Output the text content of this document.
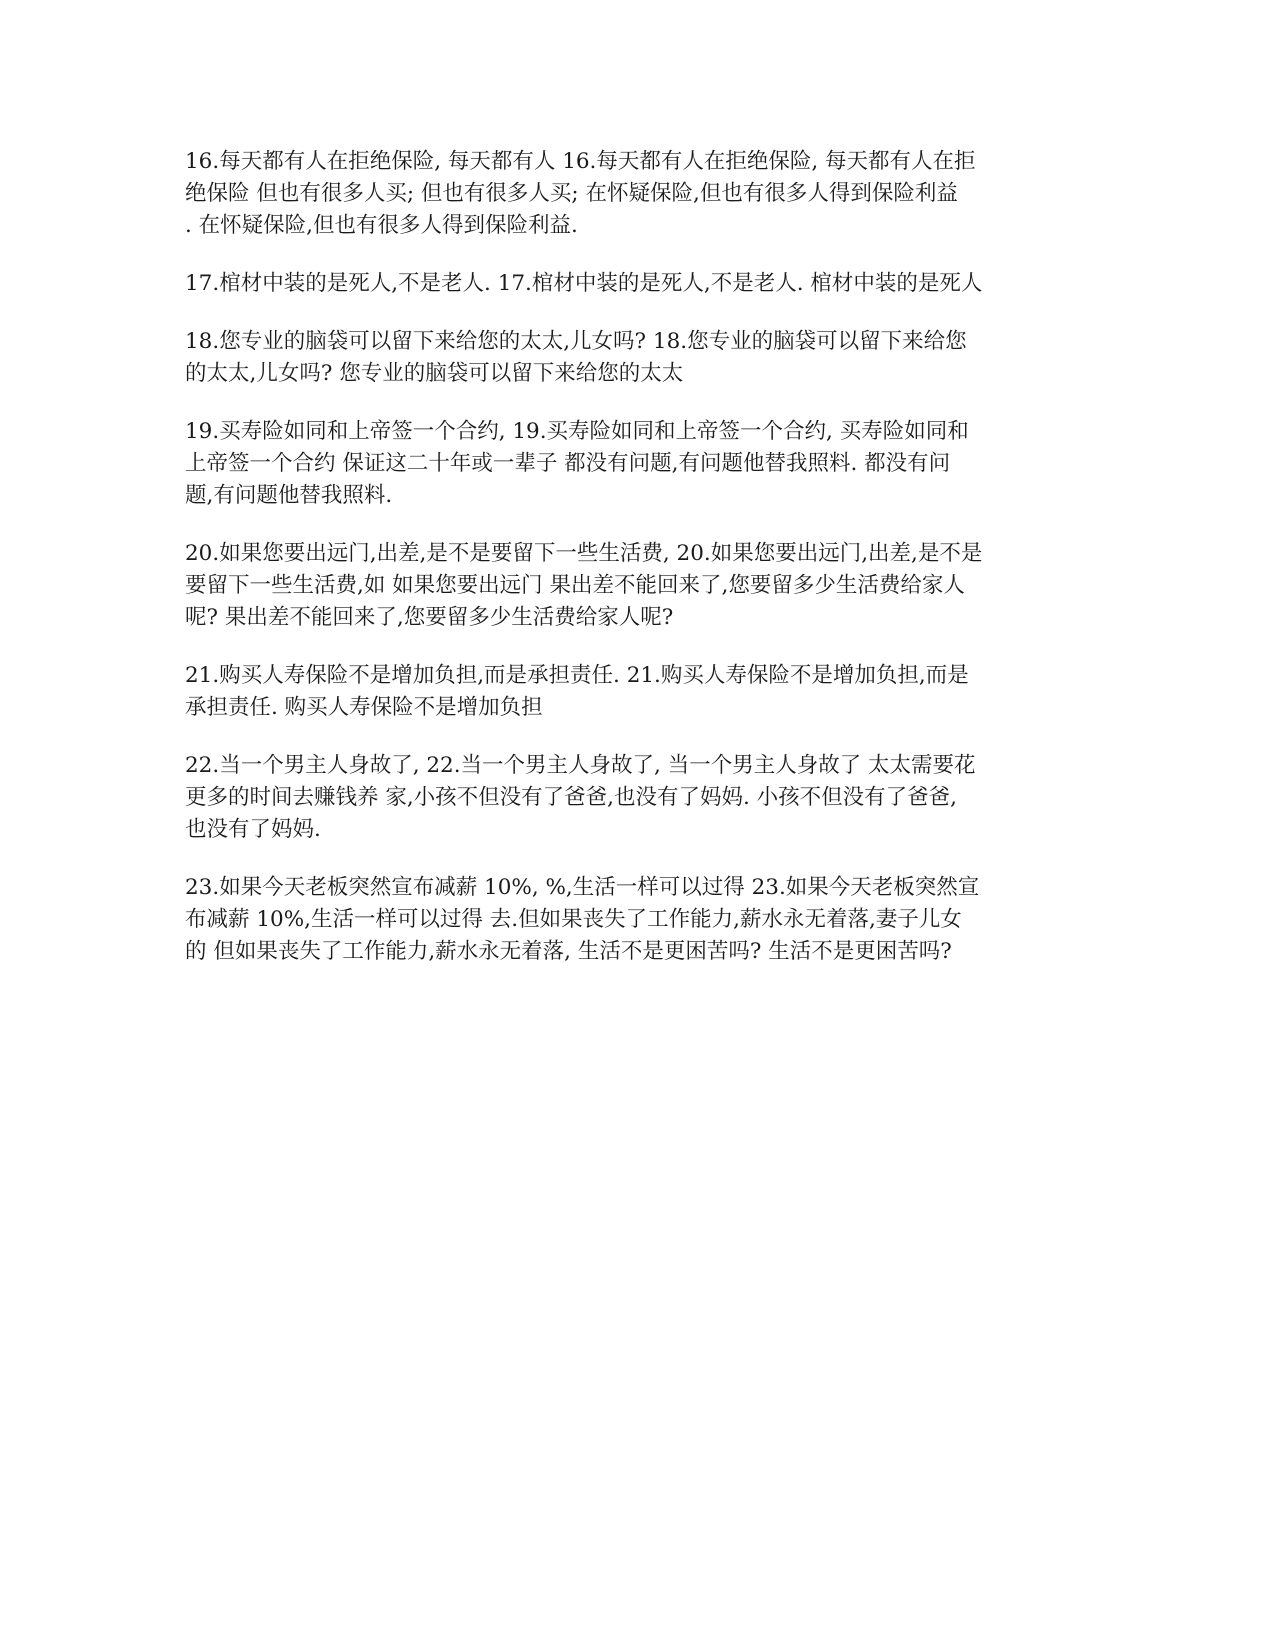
16.每天都有人在拒绝保险, 每天都有人 16.每天都有人在拒绝保险, 每天都有人在拒
绝保险 但也有很多人买; 但也有很多人买; 在怀疑保险,但也有很多人得到保险利益
. 在怀疑保险,但也有很多人得到保险利益.
17.棺材中装的是死人,不是老人. 17.棺材中装的是死人,不是老人. 棺材中装的是死人
18.您专业的脑袋可以留下来给您的太太,儿女吗? 18.您专业的脑袋可以留下来给您
的太太,儿女吗? 您专业的脑袋可以留下来给您的太太
19.买寿险如同和上帝签一个合约, 19.买寿险如同和上帝签一个合约, 买寿险如同和
上帝签一个合约 保证这二十年或一辈子 都没有问题,有问题他替我照料. 都没有问
题,有问题他替我照料.
20.如果您要出远门,出差,是不是要留下一些生活费, 20.如果您要出远门,出差,是不是
要留下一些生活费,如 如果您要出远门 果出差不能回来了,您要留多少生活费给家人
呢? 果出差不能回来了,您要留多少生活费给家人呢?
21.购买人寿保险不是增加负担,而是承担责任. 21.购买人寿保险不是增加负担,而是
承担责任. 购买人寿保险不是增加负担
22.当一个男主人身故了, 22.当一个男主人身故了, 当一个男主人身故了 太太需要花
更多的时间去赚钱养 家,小孩不但没有了爸爸,也没有了妈妈. 小孩不但没有了爸爸,
也没有了妈妈.
23.如果今天老板突然宣布减薪 10%, %,生活一样可以过得 23.如果今天老板突然宣
布减薪 10%,生活一样可以过得 去.但如果丧失了工作能力,薪水永无着落,妻子儿女
的 但如果丧失了工作能力,薪水永无着落, 生活不是更困苦吗? 生活不是更困苦吗?
